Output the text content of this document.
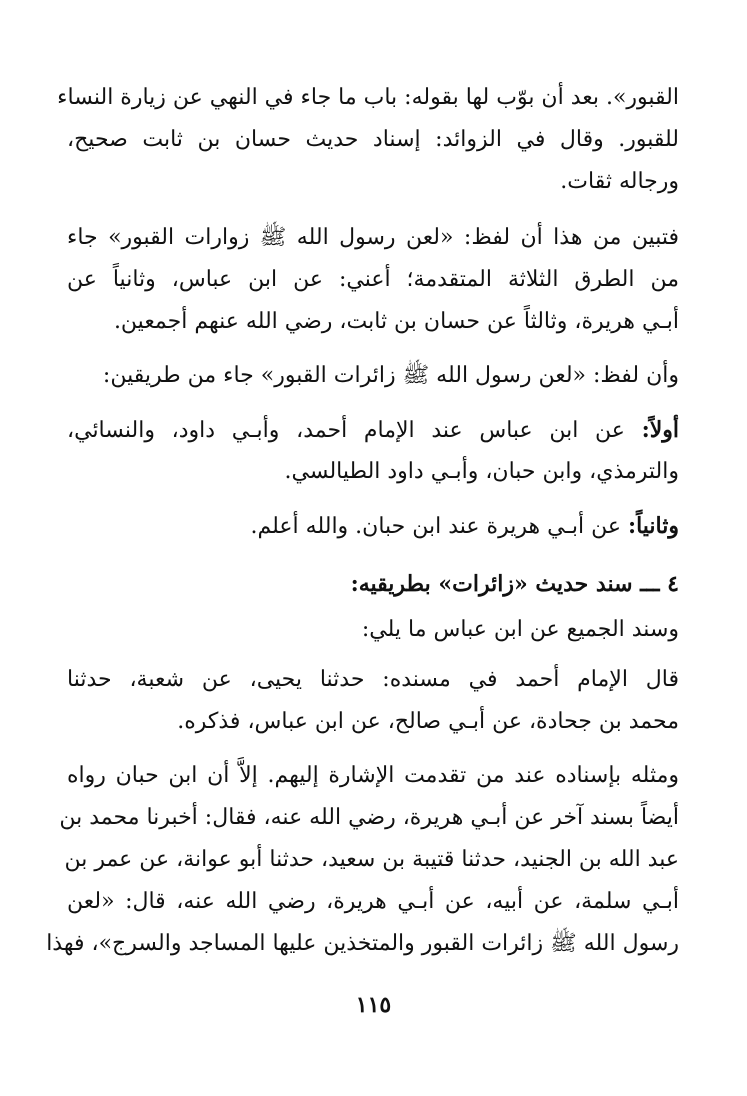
القبور». بعد أن بوّب لها بقوله: باب ما جاء في النهي عن زيارة النساء
للقبور. وقال في الزوائد: إسناد حديث حسان بن ثابت صحيح،
ورجاله ثقات.
فتبين من هذا أن لفظ: «لعن رسول الله ﷺ زوارات القبور» جاء
من الطرق الثلاثة المتقدمة؛ أعني: عن ابن عباس، وثانياً عن
أبـي هريرة، وثالثاً عن حسان بن ثابت، رضي الله عنهم أجمعين.
وأن لفظ: «لعن رسول الله ﷺ زائرات القبور» جاء من طريقين:
أولاً: عن ابن عباس عند الإمام أحمد، وأبـي داود، والنسائي،
والترمذي، وابن حبان، وأبـي داود الطيالسي.
وثانياً: عن أبـي هريرة عند ابن حبان. والله أعلم.
٤ ـــ سند حديث «زائرات» بطريقيه:
وسند الجميع عن ابن عباس ما يلي:
قال الإمام أحمد في مسنده: حدثنا يحيى، عن شعبة، حدثنا
محمد بن جحادة، عن أبـي صالح، عن ابن عباس، فذكره.
ومثله بإسناده عند من تقدمت الإشارة إليهم. إلاَّ أن ابن حبان رواه
أيضاً بسند آخر عن أبـي هريرة، رضي الله عنه، فقال: أخبرنا محمد بن
عبد الله بن الجنيد، حدثنا قتيبة بن سعيد، حدثنا أبو عوانة، عن عمر بن
أبـي سلمة، عن أبيه، عن أبـي هريرة، رضي الله عنه، قال: «لعن
رسول الله ﷺ زائرات القبور والمتخذين عليها المساجد والسرج»، فهذا
١١٥
